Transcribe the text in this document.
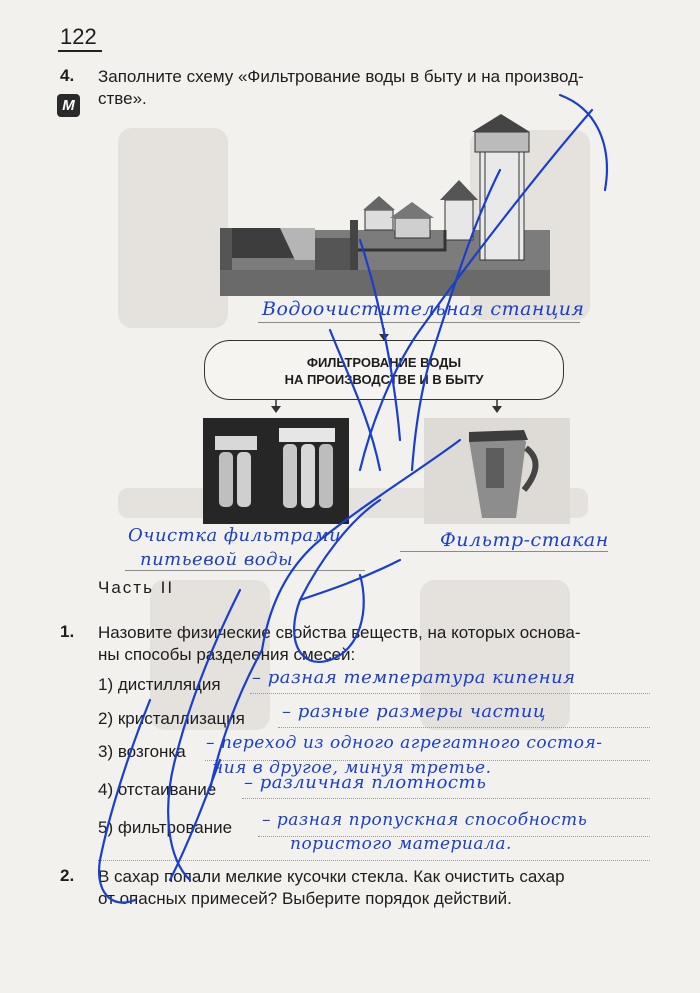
122
4.
М
Заполните схему «Фильтрование воды в быту и на производ-
стве».
Водоочистительная станция
ФИЛЬТРОВАНИЕ ВОДЫ
НА ПРОИЗВОДСТВЕ И В БЫТУ
Очистка фильтрами
питьевой воды
Фильтр-стакан
Часть II
1. Назовите физические свойства веществ, на которых основа-
ны способы разделения смесей:
1) дистилляция – разная температура кипения
2) кристаллизация – разные размеры частиц
3) возгонка – переход из одного агрегатного состоя-
ния в другое, минуя третье.
4) отстаивание – различная плотность
5) фильтрование – разная пропускная способность
пористого материала.
2. В сахар попали мелкие кусочки стекла. Как очистить сахар
от опасных примесей? Выберите порядок действий.
